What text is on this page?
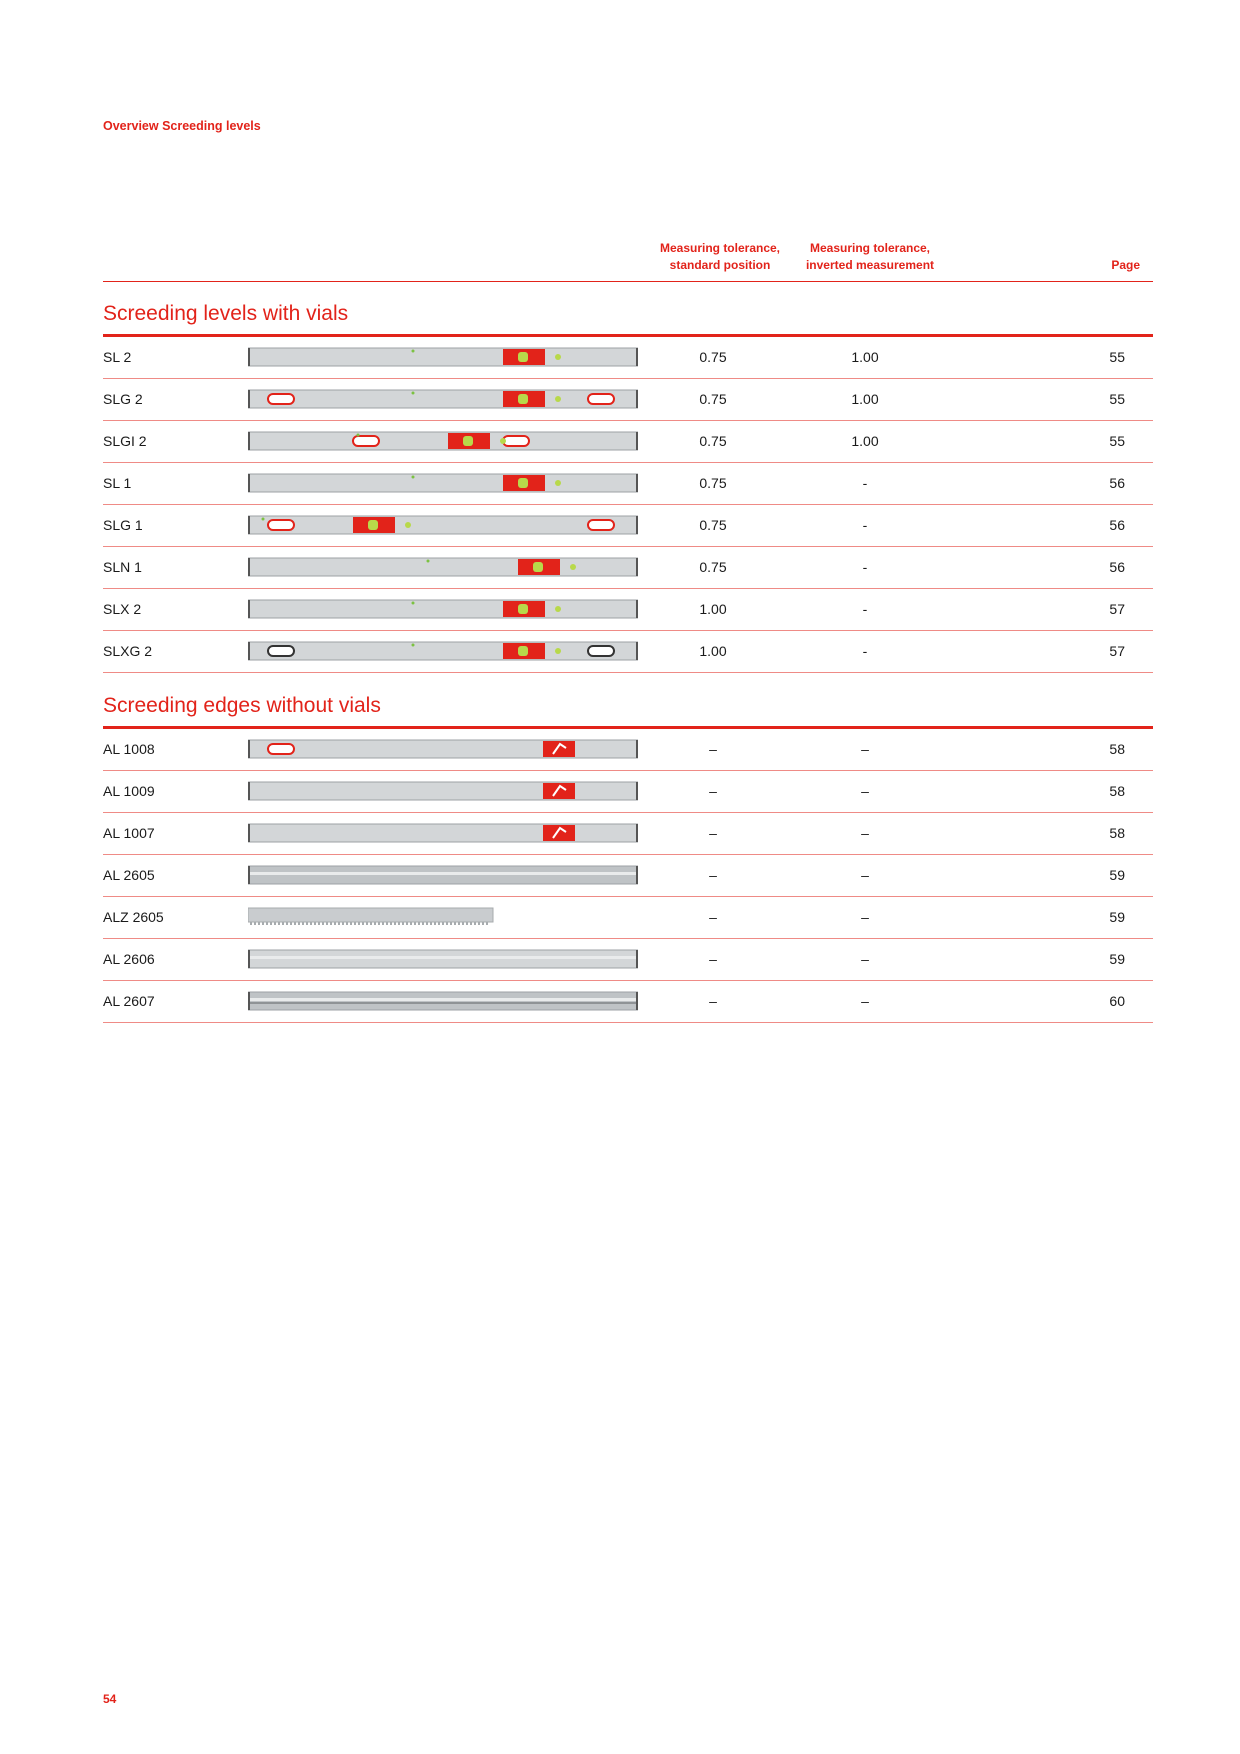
Overview Screeding levels
Measuring tolerance,
standard position
Measuring tolerance,
inverted measurement	Page
Screeding levels with vials
SL 2	0.75	1.00	55
SLG 2	0.75	1.00	55
SLGI 2	0.75	1.00	55
SL 1	0.75	-	56
SLG 1	0.75	-	56
SLN 1	0.75	-	56
SLX 2	1.00	-	57
SLXG 2	1.00	-	57
Screeding edges without vials
AL 1008	–	–	58
AL 1009	–	–	58
AL 1007	–	–	58
AL 2605	–	–	59
ALZ 2605	–	–	59
AL 2606	–	–	59
AL 2607	–	–	60
54
